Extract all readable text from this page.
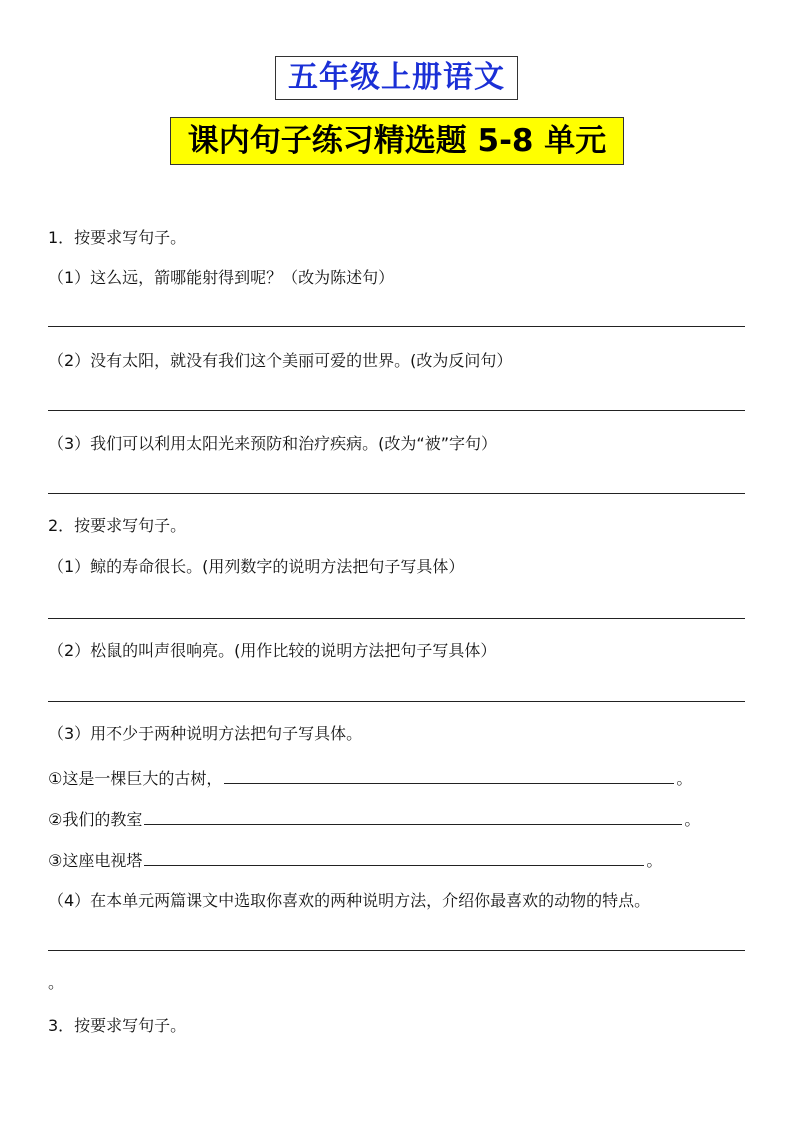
五年级上册语文
课内句子练习精选题 5-8 单元
1．按要求写句子。
（1）这么远，箭哪能射得到呢？（改为陈述句）
（2）没有太阳，就没有我们这个美丽可爱的世界。(改为反问句）
（3）我们可以利用太阳光来预防和治疗疾病。(改为“被”字句）
2．按要求写句子。
（1）鲸的寿命很长。(用列数字的说明方法把句子写具体）
（2）松鼠的叫声很响亮。(用作比较的说明方法把句子写具体）
（3）用不少于两种说明方法把句子写具体。
①这是一棵巨大的古树，	。
②我们的教室	。
③这座电视塔	。
（4）在本单元两篇课文中选取你喜欢的两种说明方法，介绍你最喜欢的动物的特点。
。
3．按要求写句子。
